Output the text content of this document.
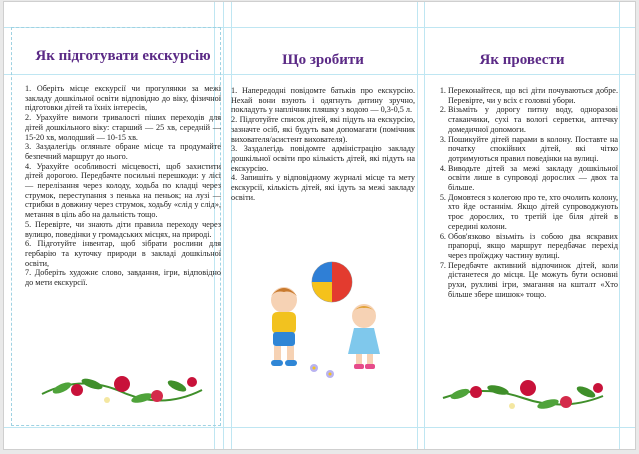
Як підготувати екскурсію

1. Оберіть місце екскурсії чи прогулянки за межі закладу дошкільної освіти відповідно до віку, фізичної підготовки дітей та їхніх інтересів,

2. Урахуйте вимоги тривалості піших переходів для дітей дошкільного віку: старший — 25 хв, середній — 15-20 хв, молодший — 10-15 хв.

3. Заздалегідь огляньте обране місце та продумайте безпечний маршрут до нього.

4. Урахуйте особливості місцевості, щоб захистити дітей дорогою. Передбачте посильні перешкоди: у лісі — перелізання через колоду, ходьба по кладці через струмок, переступання з пенька на пеньок; на лузі — стрибки в довжину через струмок, ходьбу «слід у слід», метання в ціль або на дальність тощо.

5. Перевірте, чи знають діти правила переходу через вулицю, поведінки у громадських місцях, на природі.

6. Підготуйте інвентар, щоб зібрати рослини для гербарію та куточку природи в закладі дошкільної освіти,

7. Доберіть художнє слово, завдання, ігри, відповідно до мети екскурсії.

Що зробити

1. Напередодні повідомте батьків про екскурсію. Нехай вони взують і одягнуть дитину зручно, покладуть у наплічник пляшку з водою — 0,3-0,5 л.

2. Підготуйте список дітей, які підуть на екскурсію, зазначте осіб, які будуть вам допомагати (помічник вихователя/асистент вихователя).

3. Заздалегідь повідомте адміністрацію закладу дошкільної освіти про кількість дітей, які підуть на екскурсію.

4. Запишіть у відповідному журналі місце та мету екскурсії, кількість дітей, які ідуть за межі закладу освіти.

Як провести
1. Переконайтеся, що всі діти почуваються добре. Перевірте, чи у всіх є головні убори.
2. Візьміть у дорогу питну воду, одноразові стаканчики, сухі та вологі серветки, аптечку домедичної допомоги.
3. Пошикуйте дітей парами в колону. Поставте на початку спокійних дітей, які чітко дотримуються правил поведінки на вулиці.
4. Виводьте дітей за межі закладу дошкільної освіти лише в супроводі дорослих — двох та більше.
5. Домовтеся з колегою про те, хто очолить колону, хто йде останнім. Якщо дітей супроводжують троє дорослих, то третій іде біля дітей в середині колони.
6. Обов'язково візьміть із собою два яскравих прапорці, якщо маршрут передбачає перехід через проїжджу частину вулиці.
7. Передбачте активний відпочинок дітей, коли дістанетеся до місця. Це можуть бути основні рухи, рухливі ігри, змагання на кшталт «Хто більше збере шишок» тощо.
